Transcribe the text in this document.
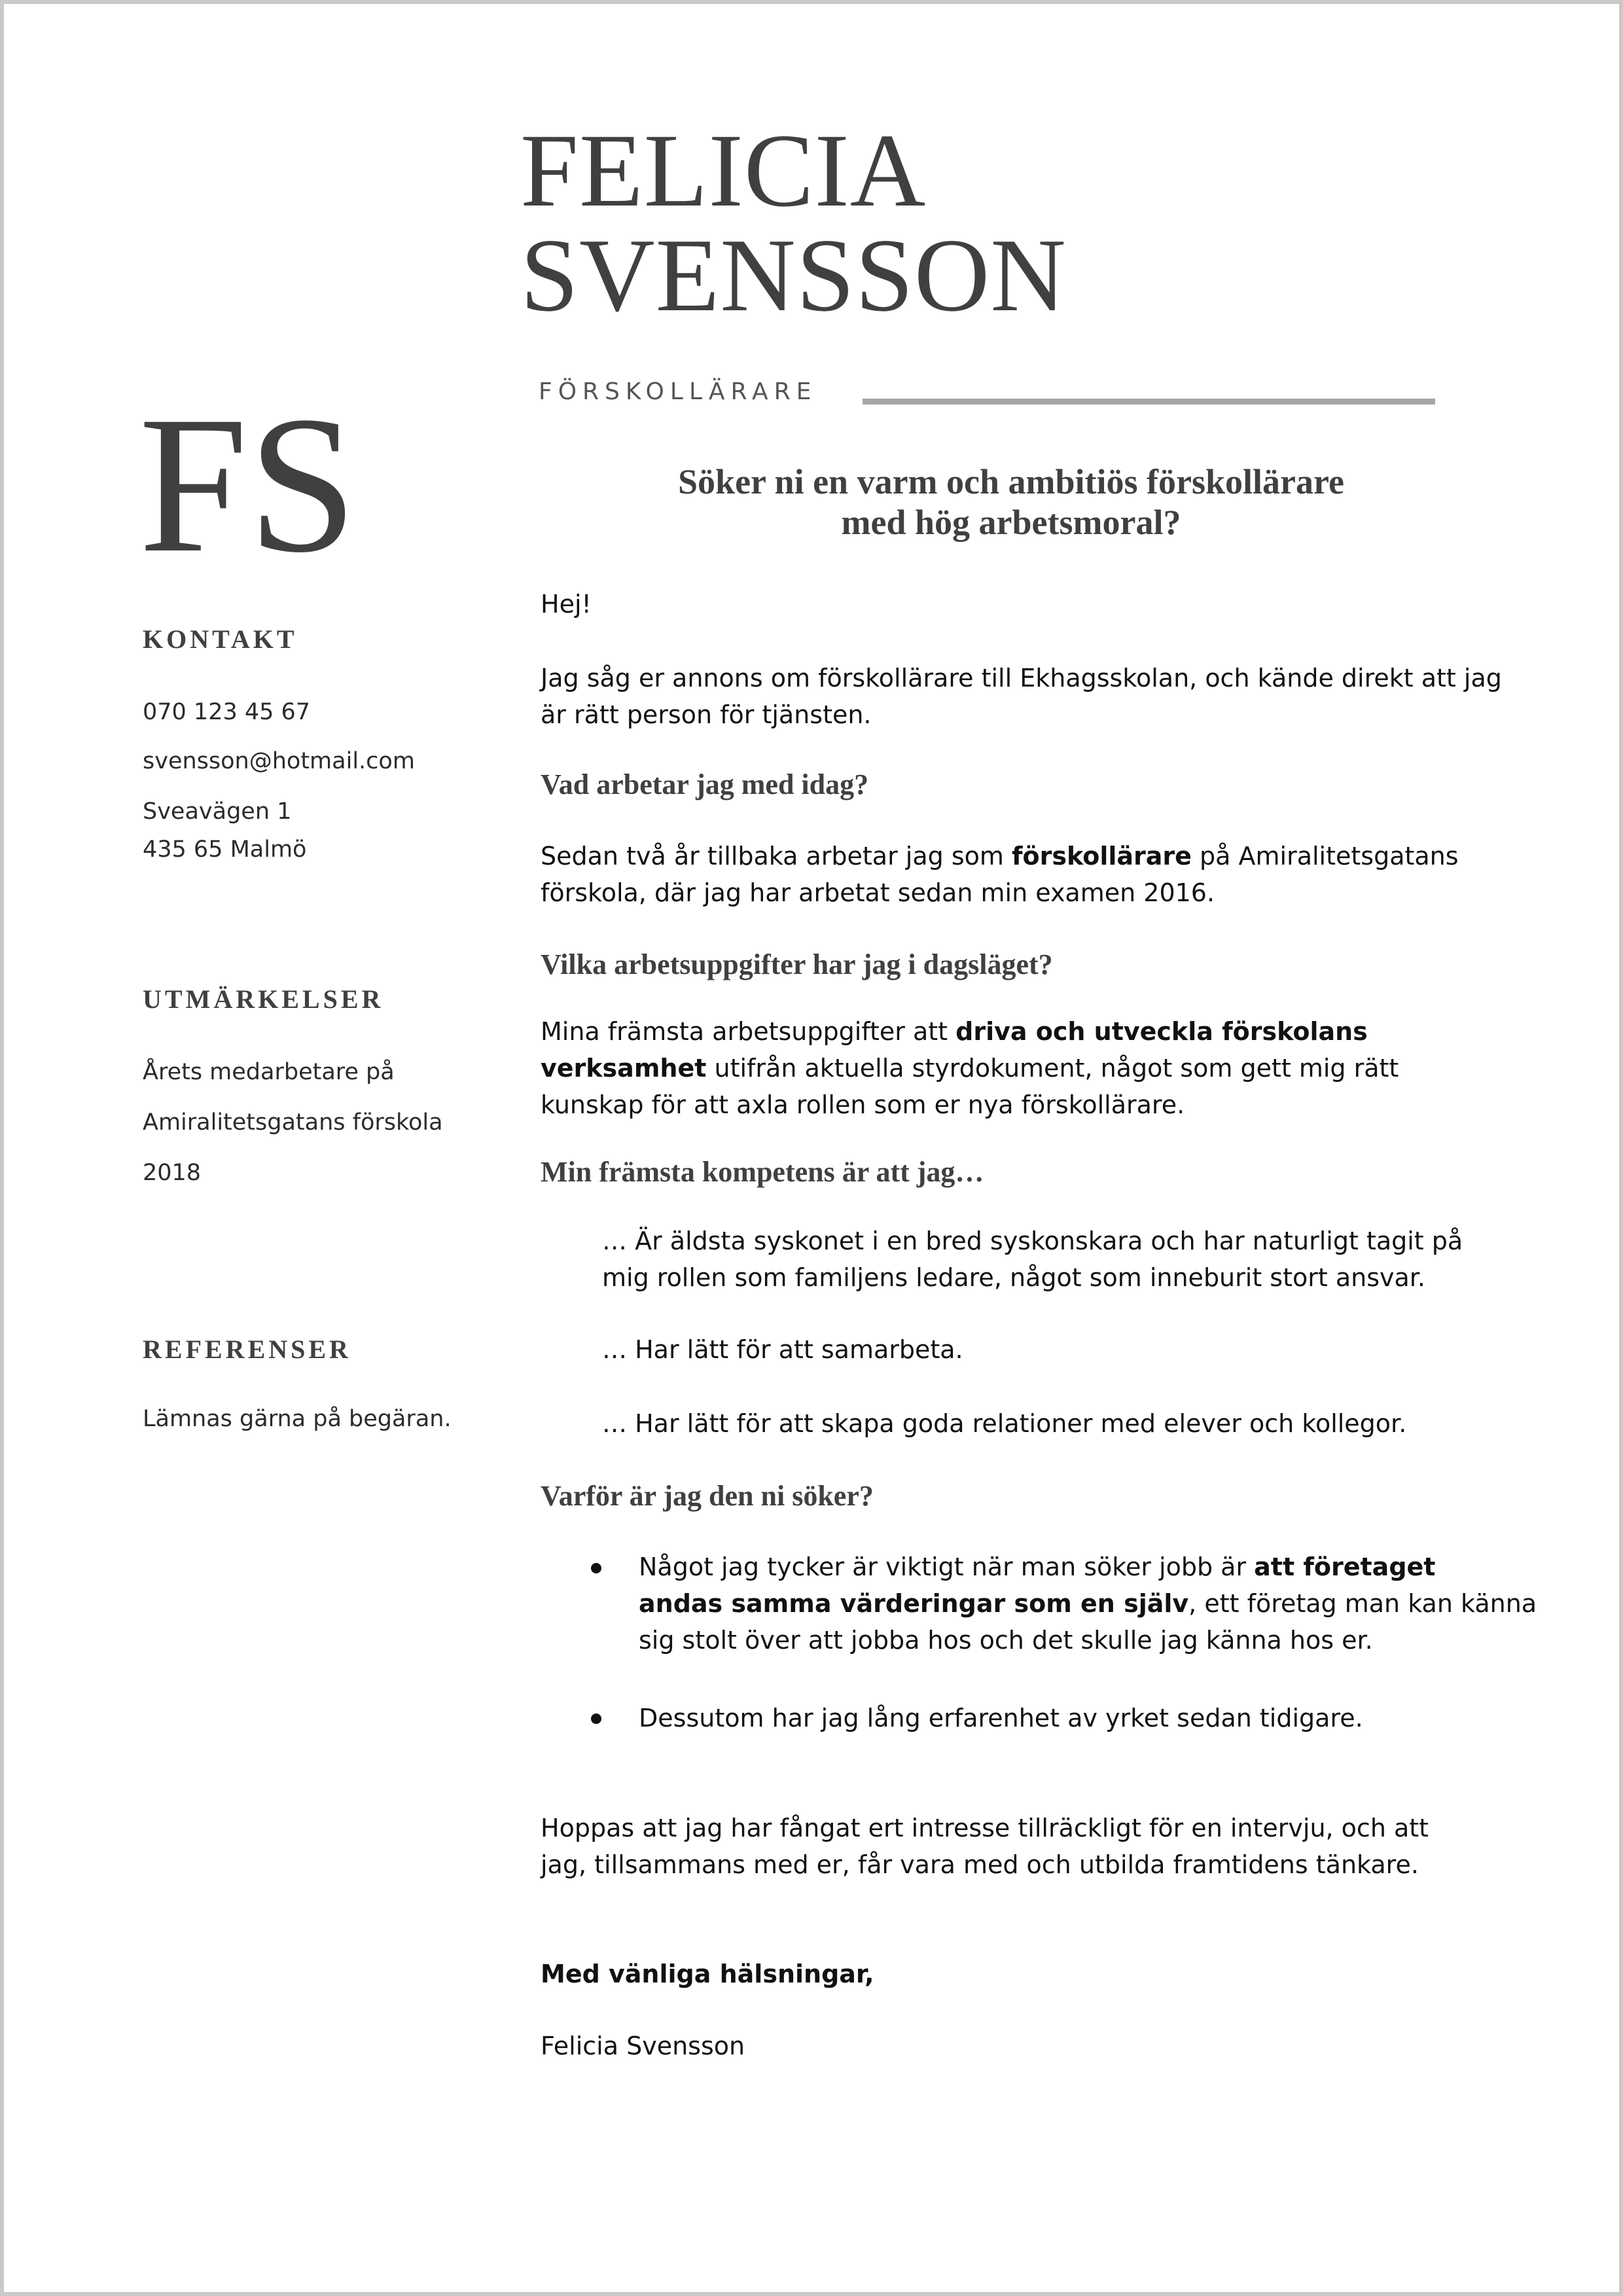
FELICIA
SVENSSON
FÖRSKOLLÄRARE
FS
KONTAKT
070 123 45 67
svensson@hotmail.com
Sveavägen 1
435 65 Malmö
UTMÄRKELSER
Årets medarbetare på
Amiralitetsgatans förskola
2018
REFERENSER
Lämnas gärna på begäran.
Söker ni en varm och ambitiös förskollärare
med hög arbetsmoral?
Hej!
Jag såg er annons om förskollärare till Ekhagsskolan, och kände direkt att jag
är rätt person för tjänsten.
Vad arbetar jag med idag?
Sedan två år tillbaka arbetar jag som förskollärare på Amiralitetsgatans
förskola, där jag har arbetat sedan min examen 2016.
Vilka arbetsuppgifter har jag i dagsläget?
Mina främsta arbetsuppgifter att driva och utveckla förskolans
verksamhet utifrån aktuella styrdokument, något som gett mig rätt
kunskap för att axla rollen som er nya förskollärare.
Min främsta kompetens är att jag…
… Är äldsta syskonet i en bred syskonskara och har naturligt tagit på
mig rollen som familjens ledare, något som inneburit stort ansvar.
… Har lätt för att samarbeta.
… Har lätt för att skapa goda relationer med elever och kollegor.
Varför är jag den ni söker?
Något jag tycker är viktigt när man söker jobb är att företaget
andas samma värderingar som en själv, ett företag man kan känna
sig stolt över att jobba hos och det skulle jag känna hos er.
Dessutom har jag lång erfarenhet av yrket sedan tidigare.
Hoppas att jag har fångat ert intresse tillräckligt för en intervju, och att
jag, tillsammans med er, får vara med och utbilda framtidens tänkare.
Med vänliga hälsningar,
Felicia Svensson
